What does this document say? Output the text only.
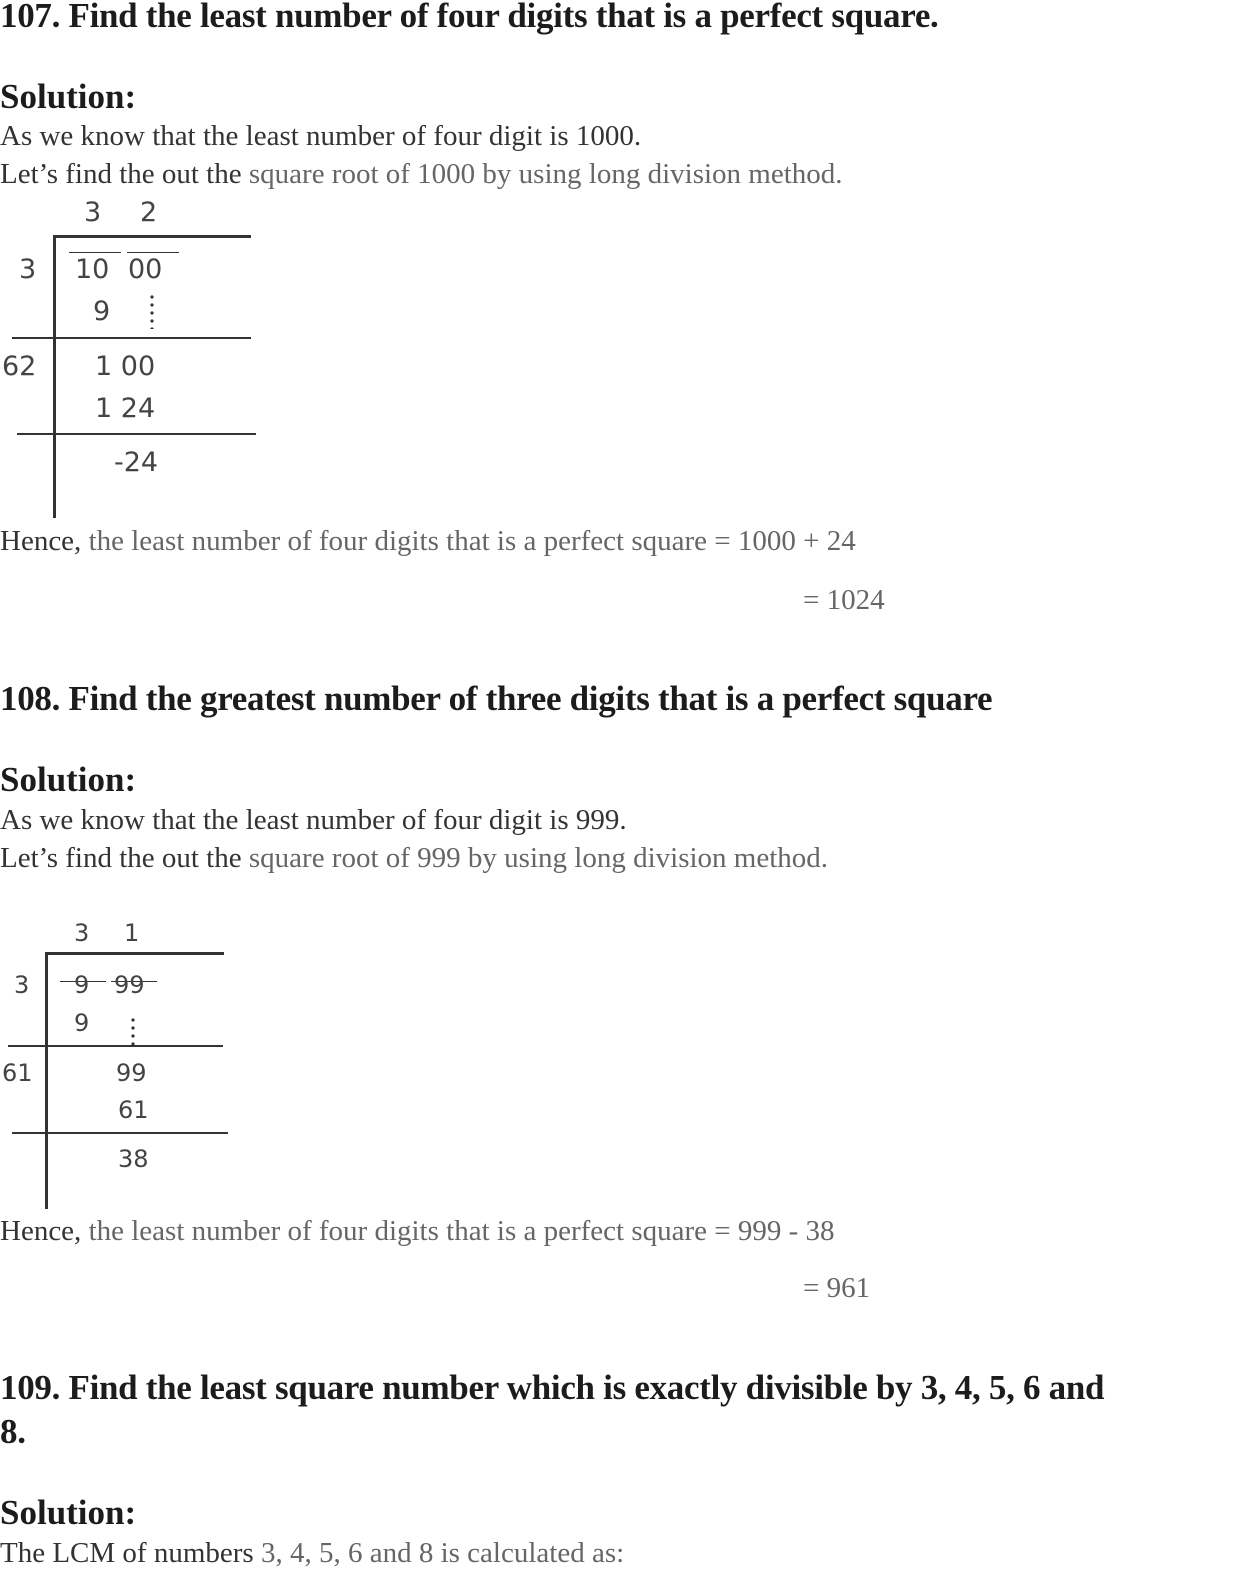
107. Find the least number of four digits that is a perfect square.
Solution:
As we know that the least number of four digit is 1000.
Let’s find the out the square root of 1000 by using long division method.
3 2
3 10 00
9
62 1 00
1 24
-24
Hence, the least number of four digits that is a perfect square = 1000 + 24
= 1024
108. Find the greatest number of three digits that is a perfect square
Solution:
As we know that the least number of four digit is 999.
Let’s find the out the square root of 999 by using long division method.
3 1
3 9 99
9
61	99
61
38
Hence, the least number of four digits that is a perfect square = 999 - 38
= 961
109. Find the least square number which is exactly divisible by 3, 4, 5, 6 and
8.
Solution:
The LCM of numbers 3, 4, 5, 6 and 8 is calculated as:
